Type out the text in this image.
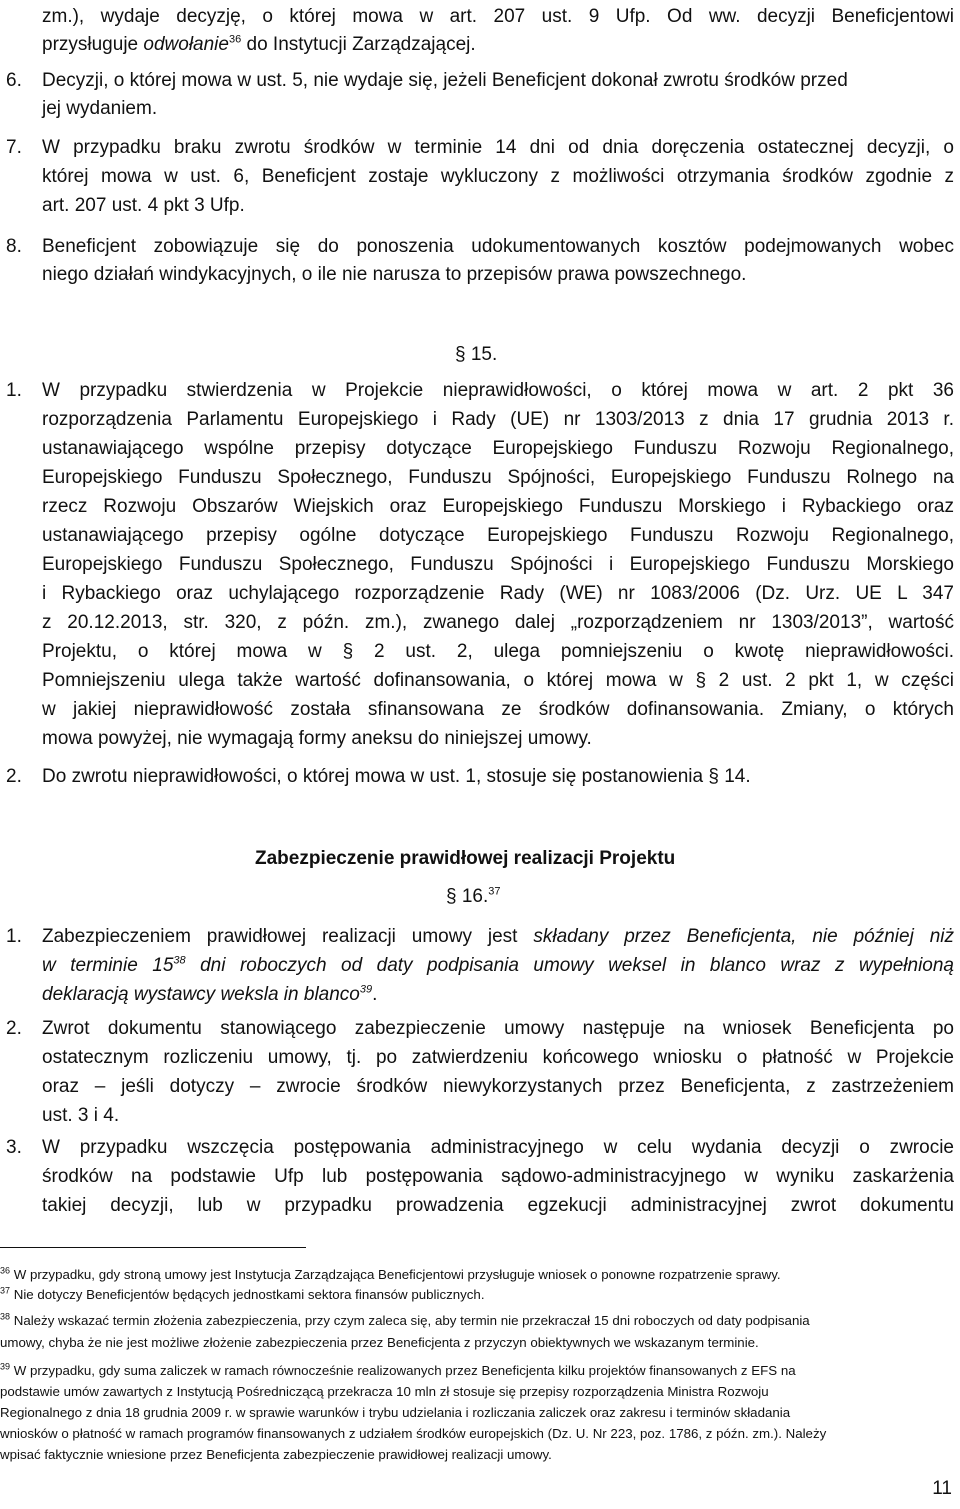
zm.), wydaje decyzję, o której mowa w art. 207 ust. 9 Ufp. Od ww. decyzji Beneficjentowi
przysługuje odwołanie$^{36}$ do Instytucji Zarządzającej.
6. Decyzji, o której mowa w ust. 5, nie wydaje się, jeżeli Beneficjent dokonał zwrotu środków przed
jej wydaniem.
7. W przypadku braku zwrotu środków w terminie 14 dni od dnia doręczenia ostatecznej decyzji, o
której mowa w ust. 6, Beneficjent zostaje wykluczony z możliwości otrzymania środków zgodnie z
art. 207 ust. 4 pkt 3 Ufp.
8. Beneficjent zobowiązuje się do ponoszenia udokumentowanych kosztów podejmowanych wobec
niego działań windykacyjnych, o ile nie narusza to przepisów prawa powszechnego.
§ 15.
1. W przypadku stwierdzenia w Projekcie nieprawidłowości, o której mowa w art. 2 pkt 36
rozporządzenia Parlamentu Europejskiego i Rady (UE) nr 1303/2013 z dnia 17 grudnia 2013 r.
ustanawiającego wspólne przepisy dotyczące Europejskiego Funduszu Rozwoju Regionalnego,
Europejskiego Funduszu Społecznego, Funduszu Spójności, Europejskiego Funduszu Rolnego na
rzecz Rozwoju Obszarów Wiejskich oraz Europejskiego Funduszu Morskiego i Rybackiego oraz
ustanawiającego przepisy ogólne dotyczące Europejskiego Funduszu Rozwoju Regionalnego,
Europejskiego Funduszu Społecznego, Funduszu Spójności i Europejskiego Funduszu Morskiego
i Rybackiego oraz uchylającego rozporządzenie Rady (WE) nr 1083/2006 (Dz. Urz. UE L 347
z 20.12.2013, str. 320, z późn. zm.), zwanego dalej „rozporządzeniem nr 1303/2013”, wartość
Projektu, o której mowa w § 2 ust. 2, ulega pomniejszeniu o kwotę nieprawidłowości.
Pomniejszeniu ulega także wartość dofinansowania, o której mowa w § 2 ust. 2 pkt 1, w części
w jakiej nieprawidłowość została sfinansowana ze środków dofinansowania. Zmiany, o których
mowa powyżej, nie wymagają formy aneksu do niniejszej umowy.
2. Do zwrotu nieprawidłowości, o której mowa w ust. 1, stosuje się postanowienia § 14.
Zabezpieczenie prawidłowej realizacji Projektu
§ 16.37
1. Zabezpieczeniem prawidłowej realizacji umowy jest składany przez Beneficjenta, nie później niż
w terminie $15^{38}$ dni roboczych od daty podpisania umowy weksel in blanco wraz z wypełnioną
deklaracją wystawcy weksla in blanco$^{39}$.
2. Zwrot dokumentu stanowiącego zabezpieczenie umowy następuje na wniosek Beneficjenta po
ostatecznym rozliczeniu umowy, tj. po zatwierdzeniu końcowego wniosku o płatność w Projekcie
oraz – jeśli dotyczy – zwrocie środków niewykorzystanych przez Beneficjenta, z zastrzeżeniem
ust. 3 i 4.
3. W przypadku wszczęcia postępowania administracyjnego w celu wydania decyzji o zwrocie
środków na podstawie Ufp lub postępowania sądowo-administracyjnego w wyniku zaskarżenia
takiej decyzji, lub w przypadku prowadzenia egzekucji administracyjnej zwrot dokumentu
$^{36}$ W przypadku, gdy stroną umowy jest Instytucja Zarządzająca Beneficjentowi przysługuje wniosek o ponowne rozpatrzenie sprawy.
$^{37}$ Nie dotyczy Beneficjentów będących jednostkami sektora finansów publicznych.
$^{38}$ Należy wskazać termin złożenia zabezpieczenia, przy czym zaleca się, aby termin nie przekraczał 15 dni roboczych od daty podpisania
umowy, chyba że nie jest możliwe złożenie zabezpieczenia przez Beneficjenta z przyczyn obiektywnych we wskazanym terminie.
$^{39}$ W przypadku, gdy suma zaliczek w ramach równocześnie realizowanych przez Beneficjenta kilku projektów finansowanych z EFS na
podstawie umów zawartych z Instytucją Pośredniczącą przekracza 10 mln zł stosuje się przepisy rozporządzenia Ministra Rozwoju
Regionalnego z dnia 18 grudnia 2009 r. w sprawie warunków i trybu udzielania i rozliczania zaliczek oraz zakresu i terminów składania
wniosków o płatność w ramach programów finansowanych z udziałem środków europejskich (Dz. U. Nr 223, poz. 1786, z późn. zm.). Należy
wpisać faktycznie wniesione przez Beneficjenta zabezpieczenie prawidłowej realizacji umowy.
11
